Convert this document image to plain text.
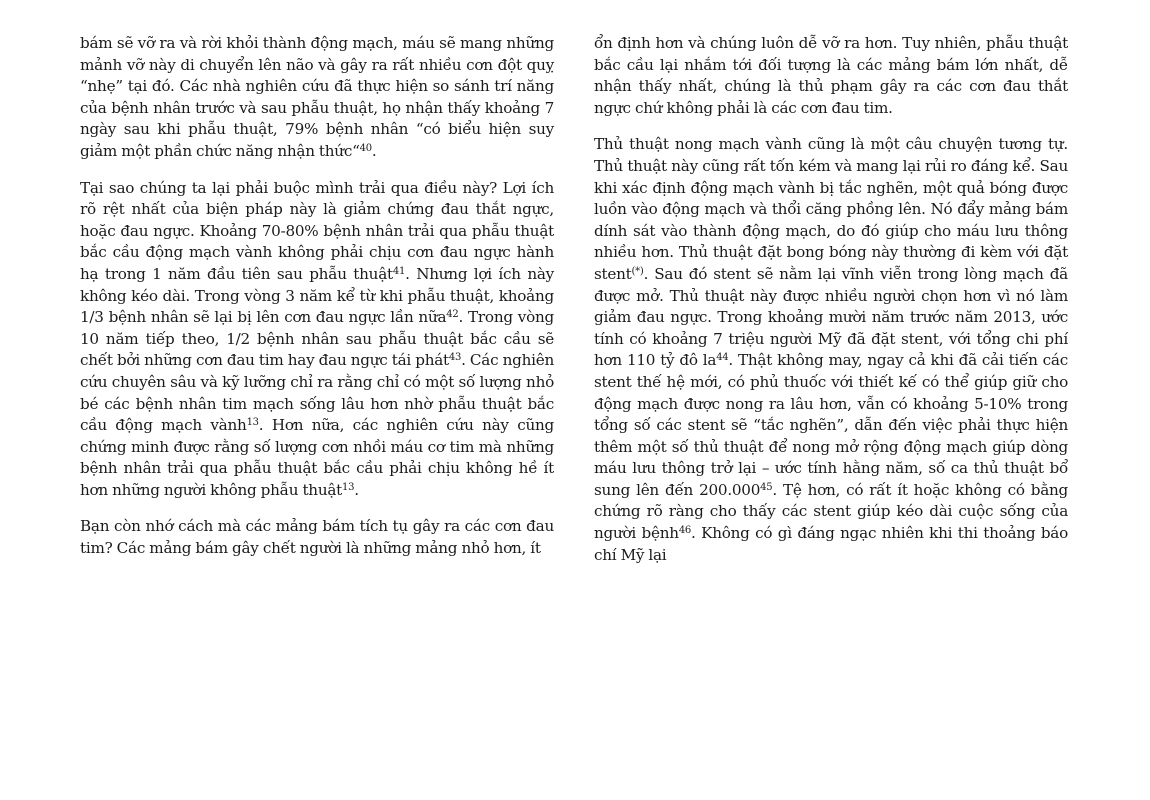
bám sẽ vỡ ra và rời khỏi thành động mạch, máu sẽ mang những mảnh vỡ này di chuyển lên não và gây ra rất nhiều cơn đột quỵ “nhẹ” tại đó. Các nhà nghiên cứu đã thực hiện so sánh trí năng của bệnh nhân trước và sau phẫu thuật, họ nhận thấy khoảng 7 ngày sau khi phẫu thuật, 79% bệnh nhân “có biểu hiện suy giảm một phần chức năng nhận thức“$^{40}$.

Tại sao chúng ta lại phải buộc mình trải qua điều này? Lợi ích rõ rệt nhất của biện pháp này là giảm chứng đau thắt ngực, hoặc đau ngực. Khoảng 70-80% bệnh nhân trải qua phẫu thuật bắc cầu động mạch vành không phải chịu cơn đau ngực hành hạ trong 1 năm đầu tiên sau phẫu thuật$^{41}$. Nhưng lợi ích này không kéo dài. Trong vòng 3 năm kể từ khi phẫu thuật, khoảng 1/3 bệnh nhân sẽ lại bị lên cơn đau ngực lần nữa$^{42}$. Trong vòng 10 năm tiếp theo, 1/2 bệnh nhân sau phẫu thuật bắc cầu sẽ chết bởi những cơn đau tim hay đau ngực tái phát$^{43}$. Các nghiên cứu chuyên sâu và kỹ lưỡng chỉ ra rằng chỉ có một số lượng nhỏ bé các bệnh nhân tim mạch sống lâu hơn nhờ phẫu thuật bắc cầu động mạch vành$^{13}$. Hơn nữa, các nghiên cứu này cũng chứng minh được rằng số lượng cơn nhồi máu cơ tim mà những bệnh nhân trải qua phẫu thuật bắc cầu phải chịu không hề ít hơn những người không phẫu thuật$^{13}$.

Bạn còn nhớ cách mà các mảng bám tích tụ gây ra các cơn đau tim? Các mảng bám gây chết người là những mảng nhỏ hơn, ít

ổn định hơn và chúng luôn dễ vỡ ra hơn. Tuy nhiên, phẫu thuật bắc cầu lại nhắm tới đối tượng là các mảng bám lớn nhất, dễ nhận thấy nhất, chúng là thủ phạm gây ra các cơn đau thắt ngực chứ không phải là các cơn đau tim.

Thủ thuật nong mạch vành cũng là một câu chuyện tương tự. Thủ thuật này cũng rất tốn kém và mang lại rủi ro đáng kể. Sau khi xác định động mạch vành bị tắc nghẽn, một quả bóng được luồn vào động mạch và thổi căng phồng lên. Nó đẩy mảng bám dính sát vào thành động mạch, do đó giúp cho máu lưu thông nhiều hơn. Thủ thuật đặt bong bóng này thường đi kèm với đặt stent(*). Sau đó stent sẽ nằm lại vĩnh viễn trong lòng mạch đã được mở. Thủ thuật này được nhiều người chọn hơn vì nó làm giảm đau ngực. Trong khoảng mười năm trước năm 2013, ước tính có khoảng 7 triệu người Mỹ đã đặt stent, với tổng chi phí hơn 110 tỷ đô $la^{44}$. Thật không may, ngay cả khi đã cải tiến các stent thế hệ mới, có phủ thuốc với thiết kế có thể giúp giữ cho động mạch được nong ra lâu hơn, vẫn có khoảng 5-10% trong tổng số các stent sẽ “tắc nghẽn”, dẫn đến việc phải thực hiện thêm một số thủ thuật để nong mở rộng động mạch giúp dòng máu lưu thông trở lại – ước tính hằng năm, số ca thủ thuật bổ sung lên đến 200.000$^{45}$. Tệ hơn, có rất ít hoặc không có bằng chứng rõ ràng cho thấy các stent giúp kéo dài cuộc sống của người bệnh$^{46}$. Không có gì đáng ngạc nhiên khi thi thoảng báo chí Mỹ lại
